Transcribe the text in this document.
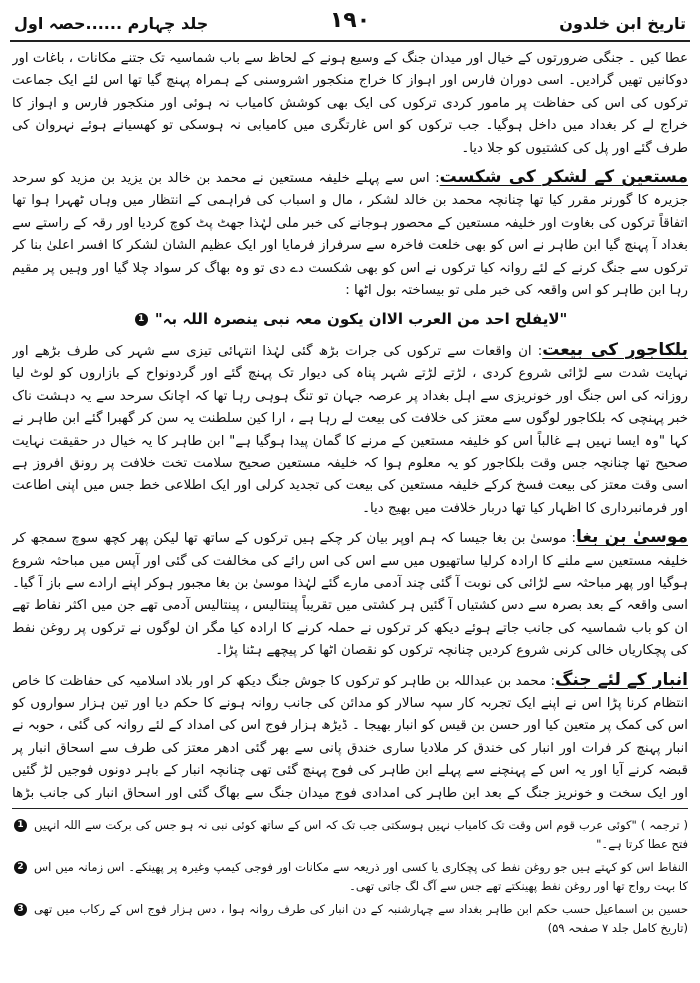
تاریخ ابن خلدون
۱۹۰
جلد چہارم ......حصہ اول

عطا کیں ۔ جنگی ضرورتوں کے خیال اور میدان جنگ کے وسیع ہونے کے لحاظ سے باب شماسیہ تک جتنے مکانات ، باغات اور دوکانیں تھیں گرادیں۔ اسی دوران فارس اور اہواز کا خراج منکجور اشروسنی کے ہمراہ پہنچ گیا تھا اس لئے ایک جماعت ترکوں کی اس کی حفاظت پر مامور کردی ترکوں کی ایک بھی کوشش کامیاب نہ ہوئی اور منکجور فارس و اہواز کا خراج لے کر بغداد میں داخل ہوگیا۔ جب ترکوں کو اس غارتگری میں کامیابی نہ ہوسکی تو کھسیانے ہوئے نہروان کی طرف گئے اور پل کی کشتیوں کو جلا دیا۔

مستعین کے لشکر کی شکست: اس سے پہلے خلیفہ مستعین نے محمد بن خالد بن یزید بن مزید کو سرحد جزیرہ کا گورنر مقرر کیا تھا چنانچہ محمد بن خالد لشکر ، مال و اسباب کی فراہمی کے انتظار میں وہاں ٹھہرا ہوا تھا اتفاقاً ترکوں کی بغاوت اور خلیفہ مستعین کے محصور ہوجانے کی خبر ملی لہٰذا جھٹ پٹ کوچ کردیا اور رقہ کے راستے سے بغداد آ پہنچ گیا ابن طاہر نے اس کو بھی خلعت فاخرہ سے سرفراز فرمایا اور ایک عظیم الشان لشکر کا افسر اعلیٰ بنا کر ترکوں سے جنگ کرنے کے لئے روانہ کیا ترکوں نے اس کو بھی شکست دے دی تو وہ بھاگ کر سواد چلا گیا اور وہیں پر مقیم رہا ابن طاہر کو اس واقعہ کی خبر ملی تو بیساختہ بول اٹھا :

"لایفلح احد من العرب الاان یکون معہ نبی ینصرہ اللہ بہ" 1

بلکاجور کی بیعت: ان واقعات سے ترکوں کی جرات بڑھ گئی لہٰذا انتہائی تیزی سے شہر کی طرف بڑھے اور نہایت شدت سے لڑائی شروع کردی ، لڑتے لڑتے شہر پناہ کی دیوار تک پہنچ گئے اور گردونواح کے بازاروں کو لوٹ لیا روزانہ کی اس جنگ اور خونریزی سے اہل بغداد پر عرصہ جہان تو تنگ ہوہی رہا تھا کہ اچانک سرحد سے یہ دہشت ناک خبر پہنچی کہ بلکاجور لوگوں سے معتز کی خلافت کی بیعت لے رہا ہے ، ارا کین سلطنت یہ سن کر گھبرا گئے ابن طاہر نے کہا "وہ ایسا نہیں ہے غالباً اس کو خلیفہ مستعین کے مرنے کا گمان پیدا ہوگیا ہے" ابن طاہر کا یہ خیال در حقیقت نہایت صحیح تھا چنانچہ جس وقت بلکاجور کو یہ معلوم ہوا کہ خلیفہ مستعین صحیح سلامت تخت خلافت پر رونق افروز ہے اسی وقت معتز کی بیعت فسخ کرکے خلیفہ مستعین کی بیعت کی تجدید کرلی اور ایک اطلاعی خط جس میں اپنی اطاعت اور فرمانبرداری کا اظہار کیا تھا دربار خلافت میں بھیج دیا۔

موسیٰ بن بغا: موسیٰ بن بغا جیسا کہ ہم اوپر بیان کر چکے ہیں ترکوں کے ساتھ تھا لیکن پھر کچھ سوچ سمجھ کر خلیفہ مستعین سے ملنے کا ارادہ کرلیا ساتھیوں میں سے اس کی اس رائے کی مخالفت کی گئی اور آپس میں مباحثہ شروع ہوگیا اور پھر مباحثہ سے لڑائی کی نوبت آ گئی چند آدمی مارے گئے لہٰذا موسیٰ بن بغا مجبور ہوکر اپنے ارادے سے باز آ گیا۔ اسی واقعہ کے بعد بصرہ سے دس کشتیاں آ گئیں ہر کشتی میں تقریباً پینتالیس ، پینتالیس آدمی تھے جن میں اکثر نفاط تھے ان کو باب شماسیہ کی جانب جاتے ہوئے دیکھ کر ترکوں نے حملہ کرنے کا ارادہ کیا مگر ان لوگوں نے ترکوں پر روغن نفط کی پچکاریاں خالی کرنی شروع کردیں چنانچہ ترکوں کو نقصان اٹھا کر پیچھے ہٹنا پڑا۔

انبار کے لئے جنگ: محمد بن عبداللہ بن طاہر کو ترکوں کا جوش جنگ دیکھ کر اور بلاد اسلامیہ کی حفاظت کا خاص انتظام کرنا پڑا اس نے اپنے ایک تجربہ کار سپہ سالار کو مدائن کی جانب روانہ ہونے کا حکم دیا اور تین ہزار سواروں کو اس کی کمک پر متعین کیا اور حسن بن قیس کو انبار بھیجا ۔ ڈیڑھ ہزار فوج اس کی امداد کے لئے روانہ کی گئی ، حوبہ نے انبار پہنچ کر فرات اور انبار کی خندق کر ملادیا ساری خندق پانی سے بھر گئی ادھر معتز کی طرف سے اسحاق انبار پر قبضہ کرنے آیا اور یہ اس کے پہنچنے سے پہلے ابن طاہر کی فوج پہنچ گئی تھی چنانچہ انبار کے باہر دونوں فوجیں لڑ گئیں اور ایک سخت و خونریز جنگ کے بعد ابن طاہر کی امدادی فوج میدان جنگ سے بھاگ گئی اور اسحاق انبار کی جانب بڑھا

1 ( ترجمہ ) "کوئی عرب قوم اس وقت تک کامیاب نہیں ہوسکتی جب تک کہ اس کے ساتھ کوئی نبی نہ ہو جس کی برکت سے اللہ انہیں فتح عطا کرتا ہے۔"
2 النفاط اس کو کہتے ہیں جو روغن نفط کی پچکاری یا کسی اور ذریعہ سے مکانات اور فوجی کیمپ وغیرہ پر پھینکے۔ اس زمانہ میں اس کا بہت رواج تھا اور روغن نفط پھینکتے تھے جس سے آگ لگ جاتی تھی۔
3 حسین بن اسماعیل حسب حکم ابن طاہر بغداد سے چہارشنبہ کے دن انبار کی طرف روانہ ہوا ، دس ہزار فوج اس کے رکاب میں تھی (تاریخ کامل جلد ۷ صفحہ ۵۹)
